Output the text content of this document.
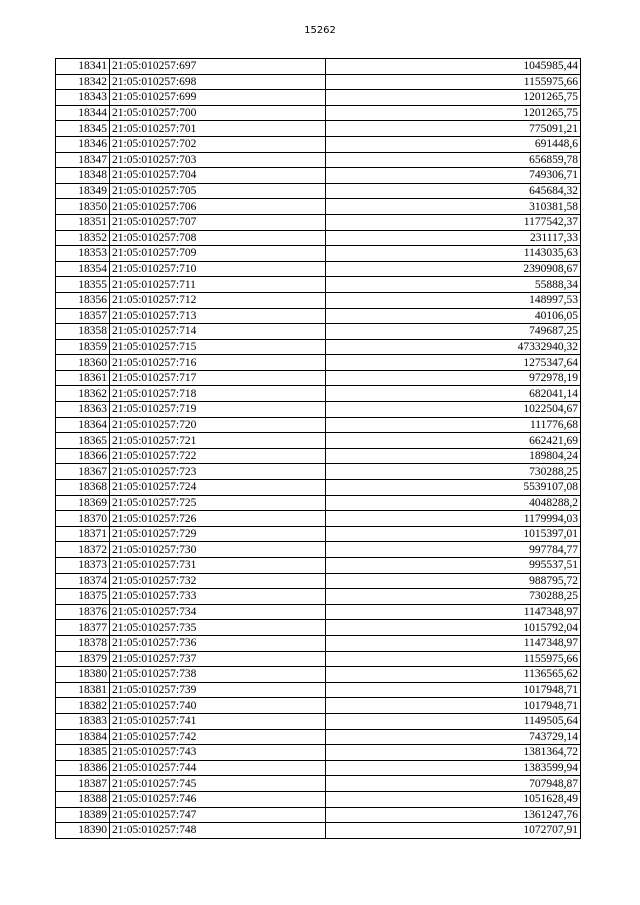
15262
18341	21:05:010257:697	1045985,44
18342	21:05:010257:698	1155975,66
18343	21:05:010257:699	1201265,75
18344	21:05:010257:700	1201265,75
18345	21:05:010257:701	775091,21
18346	21:05:010257:702	691448,6
18347	21:05:010257:703	656859,78
18348	21:05:010257:704	749306,71
18349	21:05:010257:705	645684,32
18350	21:05:010257:706	310381,58
18351	21:05:010257:707	1177542,37
18352	21:05:010257:708	231117,33
18353	21:05:010257:709	1143035,63
18354	21:05:010257:710	2390908,67
18355	21:05:010257:711	55888,34
18356	21:05:010257:712	148997,53
18357	21:05:010257:713	40106,05
18358	21:05:010257:714	749687,25
18359	21:05:010257:715	47332940,32
18360	21:05:010257:716	1275347,64
18361	21:05:010257:717	972978,19
18362	21:05:010257:718	682041,14
18363	21:05:010257:719	1022504,67
18364	21:05:010257:720	111776,68
18365	21:05:010257:721	662421,69
18366	21:05:010257:722	189804,24
18367	21:05:010257:723	730288,25
18368	21:05:010257:724	5539107,08
18369	21:05:010257:725	4048288,2
18370	21:05:010257:726	1179994,03
18371	21:05:010257:729	1015397,01
18372	21:05:010257:730	997784,77
18373	21:05:010257:731	995537,51
18374	21:05:010257:732	988795,72
18375	21:05:010257:733	730288,25
18376	21:05:010257:734	1147348,97
18377	21:05:010257:735	1015792,04
18378	21:05:010257:736	1147348,97
18379	21:05:010257:737	1155975,66
18380	21:05:010257:738	1136565,62
18381	21:05:010257:739	1017948,71
18382	21:05:010257:740	1017948,71
18383	21:05:010257:741	1149505,64
18384	21:05:010257:742	743729,14
18385	21:05:010257:743	1381364,72
18386	21:05:010257:744	1383599,94
18387	21:05:010257:745	707948,87
18388	21:05:010257:746	1051628,49
18389	21:05:010257:747	1361247,76
18390	21:05:010257:748	1072707,91
